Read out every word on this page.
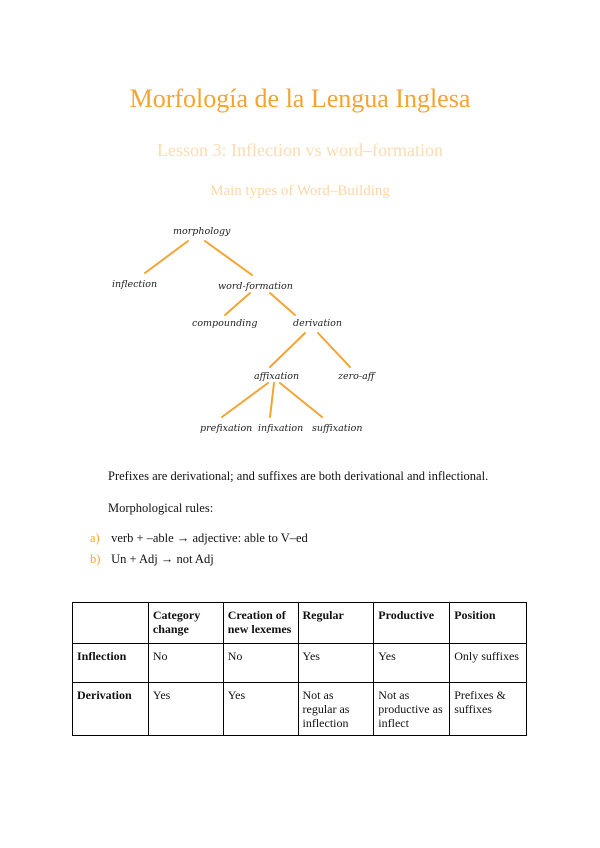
Morfología de la Lengua Inglesa
Lesson 3: Inflection vs word–formation
Main types of Word–Building
morphology
inflection	word-formation
compounding	derivation
affixation	zero-aff
prefixation infixation suffixation
Prefixes are derivational; and suffixes are both derivational and inflectional.
Morphological rules:
a) verb + –able → adjective: able to V–ed
b) Un + Adj → not Adj
	Category change	Creation of new lexemes	Regular	Productive	Position
Inflection	No	No	Yes	Yes	Only suffixes
Derivation	Yes	Yes	Not as regular as inflection	Not as productive as inflect	Prefixes & suffixes
